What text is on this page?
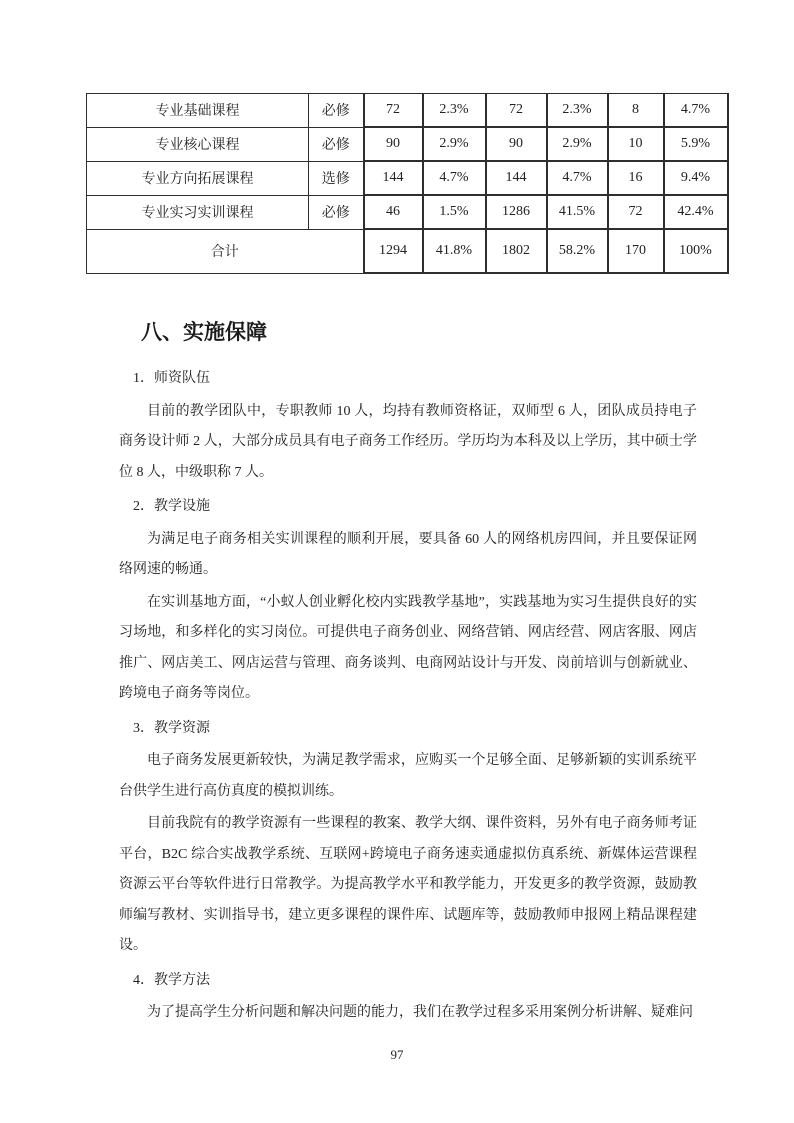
专业基础课程	必修	72	2.3%	72	2.3%	8	4.7%
专业核心课程	必修	90	2.9%	90	2.9%	10	5.9%
专业方向拓展课程	选修	144	4.7%	144	4.7%	16	9.4%
专业实习实训课程	必修	46	1.5%	1286	41.5%	72	42.4%
合计		1294	41.8%	1802	58.2%	170	100%
八、实施保障

1．师资队伍

目前的教学团队中，专职教师 10 人，均持有教师资格证，双师型 6 人，团队成员持电子商务设计师 2 人，大部分成员具有电子商务工作经历。学历均为本科及以上学历，其中硕士学位 8 人，中级职称 7 人。

2．教学设施

为满足电子商务相关实训课程的顺利开展，要具备 60 人的网络机房四间，并且要保证网络网速的畅通。

在实训基地方面，“小蚁人创业孵化校内实践教学基地”，实践基地为实习生提供良好的实习场地，和多样化的实习岗位。可提供电子商务创业、网络营销、网店经营、网店客服、网店推广、网店美工、网店运营与管理、商务谈判、电商网站设计与开发、岗前培训与创新就业、跨境电子商务等岗位。

3．教学资源

电子商务发展更新较快，为满足教学需求，应购买一个足够全面、足够新颖的实训系统平台供学生进行高仿真度的模拟训练。

目前我院有的教学资源有一些课程的教案、教学大纲、课件资料，另外有电子商务师考证平台，B2C 综合实战教学系统、互联网+跨境电子商务速卖通虚拟仿真系统、新媒体运营课程资源云平台等软件进行日常教学。为提高教学水平和教学能力，开发更多的教学资源，鼓励教师编写教材、实训指导书，建立更多课程的课件库、试题库等，鼓励教师申报网上精品课程建设。

4．教学方法

为了提高学生分析问题和解决问题的能力，我们在教学过程多采用案例分析讲解、疑难问

97
